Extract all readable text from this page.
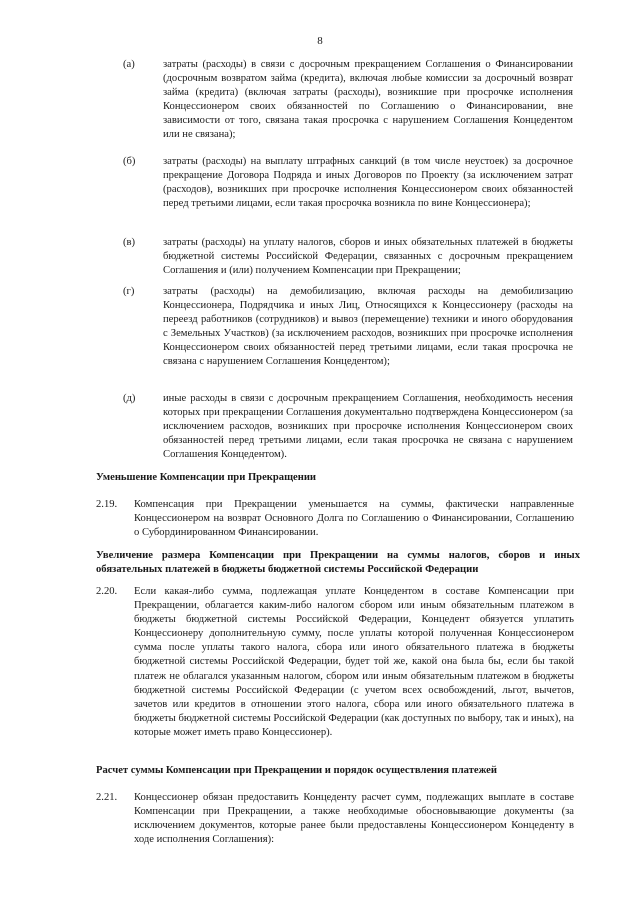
8
(а)	затраты (расходы) в связи с досрочным прекращением Соглашения о Финансировании (досрочным возвратом займа (кредита), включая любые комиссии за досрочный возврат займа (кредита) (включая затраты (расходы), возникшие при просрочке исполнения Концессионером своих обязанностей по Соглашению о Финансировании, вне зависимости от того, связана такая просрочка с нарушением Соглашения Концедентом или не связана);
(б)	затраты (расходы) на выплату штрафных санкций (в том числе неустоек) за досрочное прекращение Договора Подряда и иных Договоров по Проекту (за исключением затрат (расходов), возникших при просрочке исполнения Концессионером своих обязанностей перед третьими лицами, если такая просрочка возникла по вине Концессионера);
(в)	затраты (расходы) на уплату налогов, сборов и иных обязательных платежей в бюджеты бюджетной системы Российской Федерации, связанных с досрочным прекращением Соглашения и (или) получением Компенсации при Прекращении;
(г)	затраты (расходы) на демобилизацию, включая расходы на демобилизацию Концессионера, Подрядчика и иных Лиц, Относящихся к Концессионеру (расходы на переезд работников (сотрудников) и вывоз (перемещение) техники и иного оборудования с Земельных Участков) (за исключением расходов, возникших при просрочке исполнения Концессионером своих обязанностей перед третьими лицами, если такая просрочка не связана с нарушением Соглашения Концедентом);
(д)	иные расходы в связи с досрочным прекращением Соглашения, необходимость несения которых при прекращении Соглашения документально подтверждена Концессионером (за исключением расходов, возникших при просрочке исполнения Концессионером своих обязанностей перед третьими лицами, если такая просрочка не связана с нарушением Соглашения Концедентом).
Уменьшение Компенсации при Прекращении
2.19.	Компенсация при Прекращении уменьшается на суммы, фактически направленные Концессионером на возврат Основного Долга по Соглашению о Финансировании, Соглашению о Субординированном Финансировании.
Увеличение размера Компенсации при Прекращении на суммы налогов, сборов и иных обязательных платежей в бюджеты бюджетной системы Российской Федерации
2.20.	Если какая-либо сумма, подлежащая уплате Концедентом в составе Компенсации при Прекращении, облагается каким-либо налогом сбором или иным обязательным платежом в бюджеты бюджетной системы Российской Федерации, Концедент обязуется уплатить Концессионеру дополнительную сумму, после уплаты которой полученная Концессионером сумма после уплаты такого налога, сбора или иного обязательного платежа в бюджеты бюджетной системы Российской Федерации, будет той же, какой она была бы, если бы такой платеж не облагался указанным налогом, сбором или иным обязательным платежом в бюджеты бюджетной системы Российской Федерации (с учетом всех освобождений, льгот, вычетов, зачетов или кредитов в отношении этого налога, сбора или иного обязательного платежа в бюджеты бюджетной системы Российской Федерации (как доступных по выбору, так и иных), на которые может иметь право Концессионер).
Расчет суммы Компенсации при Прекращении и порядок осуществления платежей
2.21.	Концессионер обязан предоставить Концеденту расчет сумм, подлежащих выплате в составе Компенсации при Прекращении, а также необходимые обосновывающие документы (за исключением документов, которые ранее были предоставлены Концессионером Концеденту в ходе исполнения Соглашения):
